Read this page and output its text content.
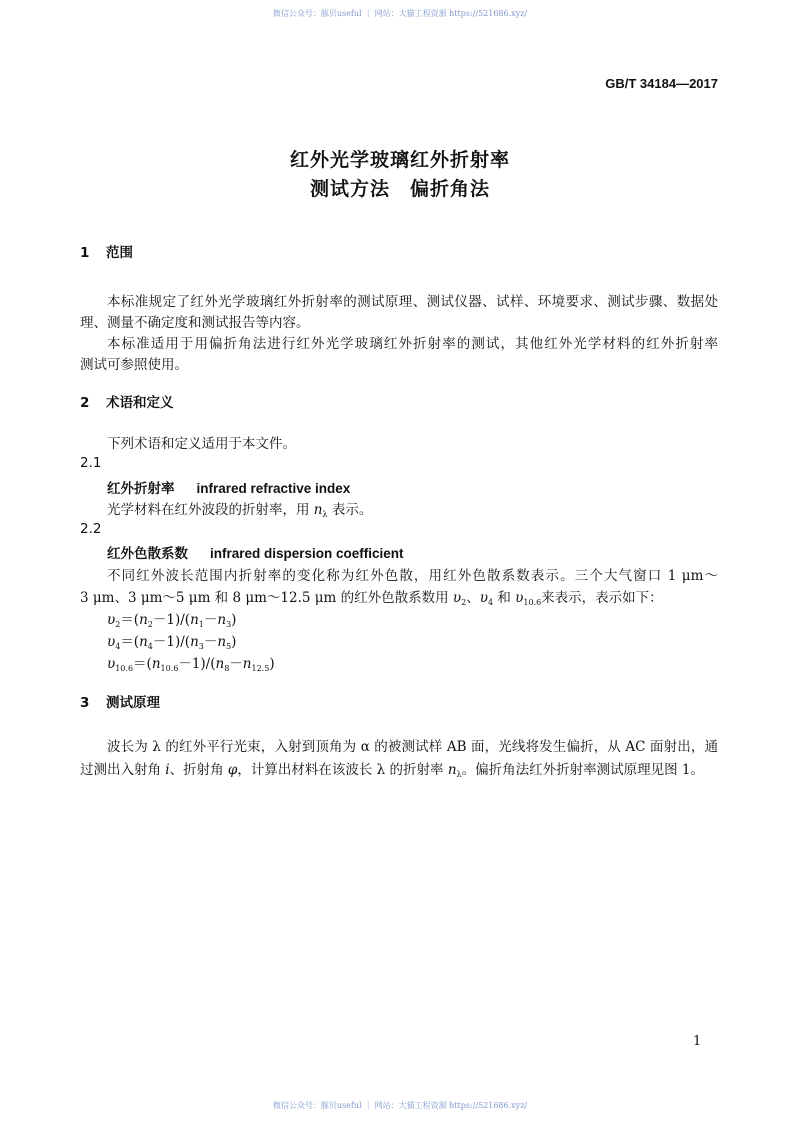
微信公众号：豚贝useful ｜ 网站：大猫工程资源 https://521686.xyz/
GB/T 34184—2017
红外光学玻璃红外折射率
测试方法　偏折角法
1 范围
本标准规定了红外光学玻璃红外折射率的测试原理、测试仪器、试样、环境要求、测试步骤、数据处
理、测量不确定度和测试报告等内容。
本标准适用于用偏折角法进行红外光学玻璃红外折射率的测试，其他红外光学材料的红外折射率
测试可参照使用。
2 术语和定义
下列术语和定义适用于本文件。
2.1
红外折射率 infrared refractive index
光学材料在红外波段的折射率，用 $n_\lambda$ 表示。
2.2
红外色散系数 infrared dispersion coefficient
不同红外波长范围内折射率的变化称为红外色散，用红外色散系数表示。三个大气窗口 1 μm～
3 μm、3 μm～5 μm 和 8 μm～12.5 μm 的红外色散系数用 $\upsilon_2$、$\upsilon_4$ 和 $\upsilon_{10.6}$来表示，表示如下：
$\upsilon_2=(n_2-1)/(n_1-n_3)$
$\upsilon_4=(n_4-1)/(n_3-n_5)$
$\upsilon_{10.6}=(n_{10.6}-1)/(n_8-n_{12.5})$
3 测试原理
波长为 λ 的红外平行光束，入射到顶角为 α 的被测试样 AB 面，光线将发生偏折，从 AC 面射出，通
过测出入射角 i、折射角 φ，计算出材料在该波长 λ 的折射率 $n_\lambda$。偏折角法红外折射率测试原理见图 1。
1
微信公众号：豚贝useful ｜ 网站：大猫工程资源 https://521686.xyz/
